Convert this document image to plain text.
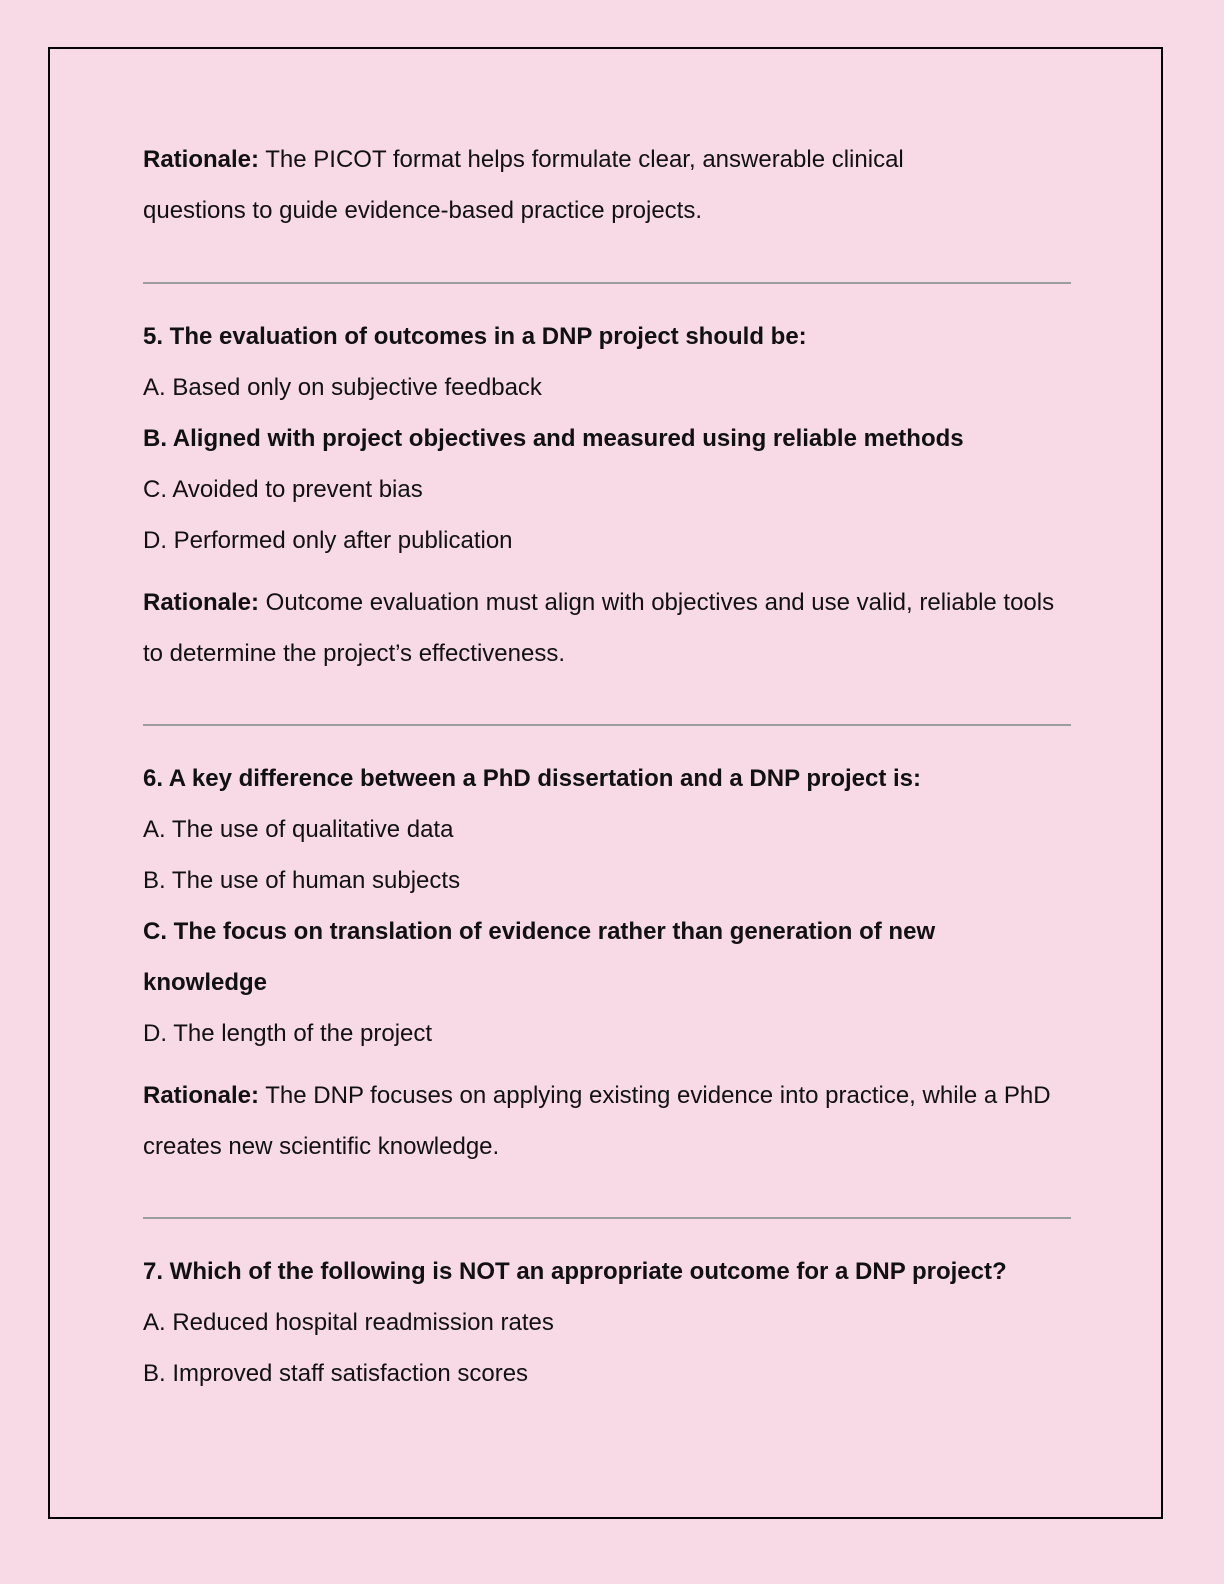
Rationale: The PICOT format helps formulate clear, answerable clinical questions to guide evidence-based practice projects.

5. The evaluation of outcomes in a DNP project should be:

A. Based only on subjective feedback

B. Aligned with project objectives and measured using reliable methods

C. Avoided to prevent bias

D. Performed only after publication

Rationale: Outcome evaluation must align with objectives and use valid, reliable tools to determine the project’s effectiveness.

6. A key difference between a PhD dissertation and a DNP project is:

A. The use of qualitative data

B. The use of human subjects

C. The focus on translation of evidence rather than generation of new knowledge

D. The length of the project

Rationale: The DNP focuses on applying existing evidence into practice, while a PhD creates new scientific knowledge.

7. Which of the following is NOT an appropriate outcome for a DNP project?

A. Reduced hospital readmission rates

B. Improved staff satisfaction scores
